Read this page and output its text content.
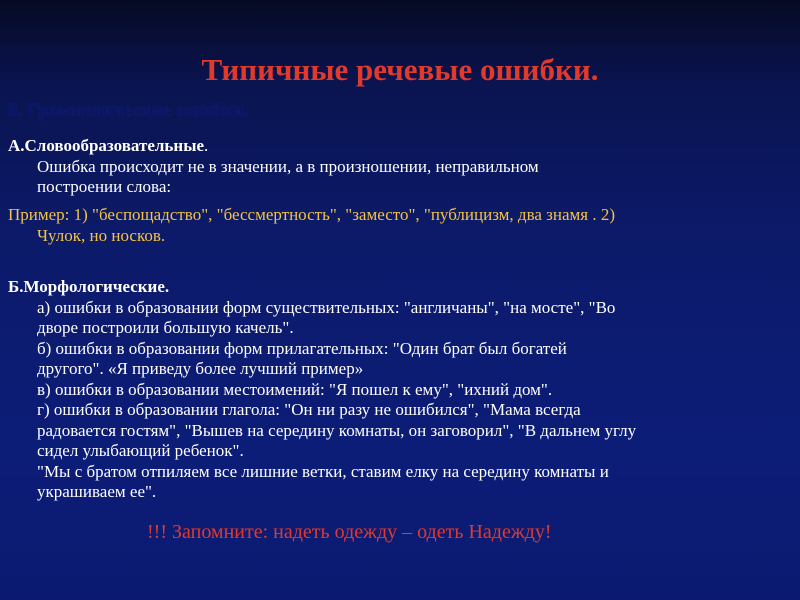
Типичные речевые ошибки.
8. Грамматические ошибки.
А.Словообразовательные.
Ошибка происходит не в значении, а в произношении, неправильном
построении слова:
Пример: 1) "беспощадство", "бессмертность", "заместо", "публицизм, два знамя . 2)
Чулок, но носков.
Б.Морфологические.
а) ошибки в образовании форм существительных: "англичаны", "на мосте", "Во
дворе построили большую качель".
б) ошибки в образовании форм прилагательных: "Один брат был богатей
другого". «Я приведу более лучший пример»
в) ошибки в образовании местоимений: "Я пошел к ему", "ихний дом".
г) ошибки в образовании глагола: "Он ни разу не ошибился", "Мама всегда
радовается гостям", "Вышев на середину комнаты, он заговорил", "В дальнем углу
сидел улыбающий ребенок".
"Мы с братом отпиляем все лишние ветки, ставим елку на середину комнаты и
украшиваем ее".
!!! Запомните: надеть одежду – одеть Надежду!
